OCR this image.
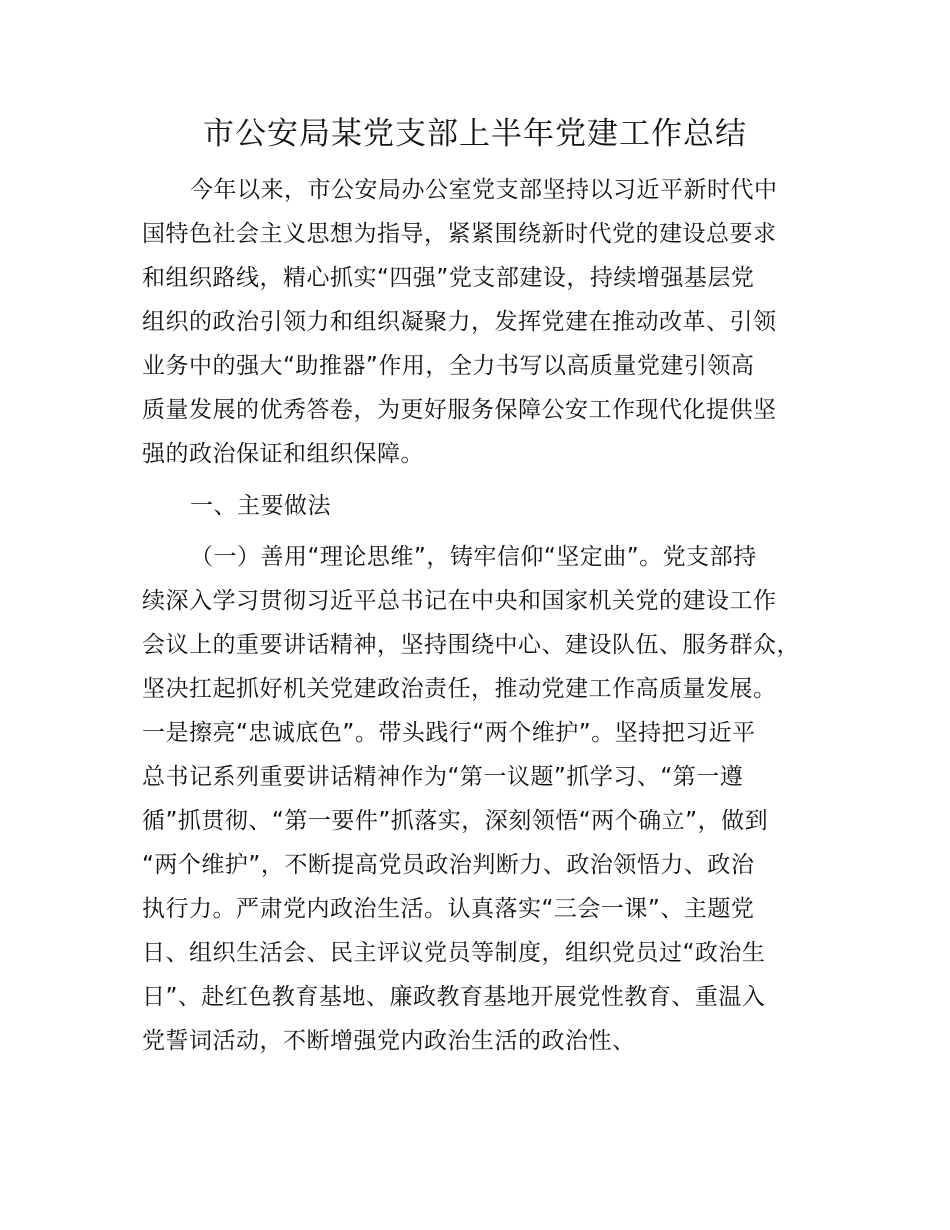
市公安局某党支部上半年党建工作总结
今年以来，市公安局办公室党支部坚持以习近平新时代中
国特色社会主义思想为指导，紧紧围绕新时代党的建设总要求
和组织路线，精心抓实“四强”党支部建设，持续增强基层党
组织的政治引领力和组织凝聚力，发挥党建在推动改革、引领
业务中的强大“助推器”作用，全力书写以高质量党建引领高
质量发展的优秀答卷，为更好服务保障公安工作现代化提供坚
强的政治保证和组织保障。
一、主要做法
（一）善用“理论思维”，铸牢信仰“坚定曲”。党支部持
续深入学习贯彻习近平总书记在中央和国家机关党的建设工作
会议上的重要讲话精神，坚持围绕中心、建设队伍、服务群众，
坚决扛起抓好机关党建政治责任，推动党建工作高质量发展。
一是擦亮“忠诚底色”。带头践行“两个维护”。坚持把习近平
总书记系列重要讲话精神作为“第一议题”抓学习、“第一遵
循”抓贯彻、“第一要件”抓落实，深刻领悟“两个确立”，做到
“两个维护”，不断提高党员政治判断力、政治领悟力、政治
执行力。严肃党内政治生活。认真落实“三会一课”、主题党
日、组织生活会、民主评议党员等制度，组织党员过“政治生
日”、赴红色教育基地、廉政教育基地开展党性教育、重温入
党誓词活动，不断增强党内政治生活的政治性、
